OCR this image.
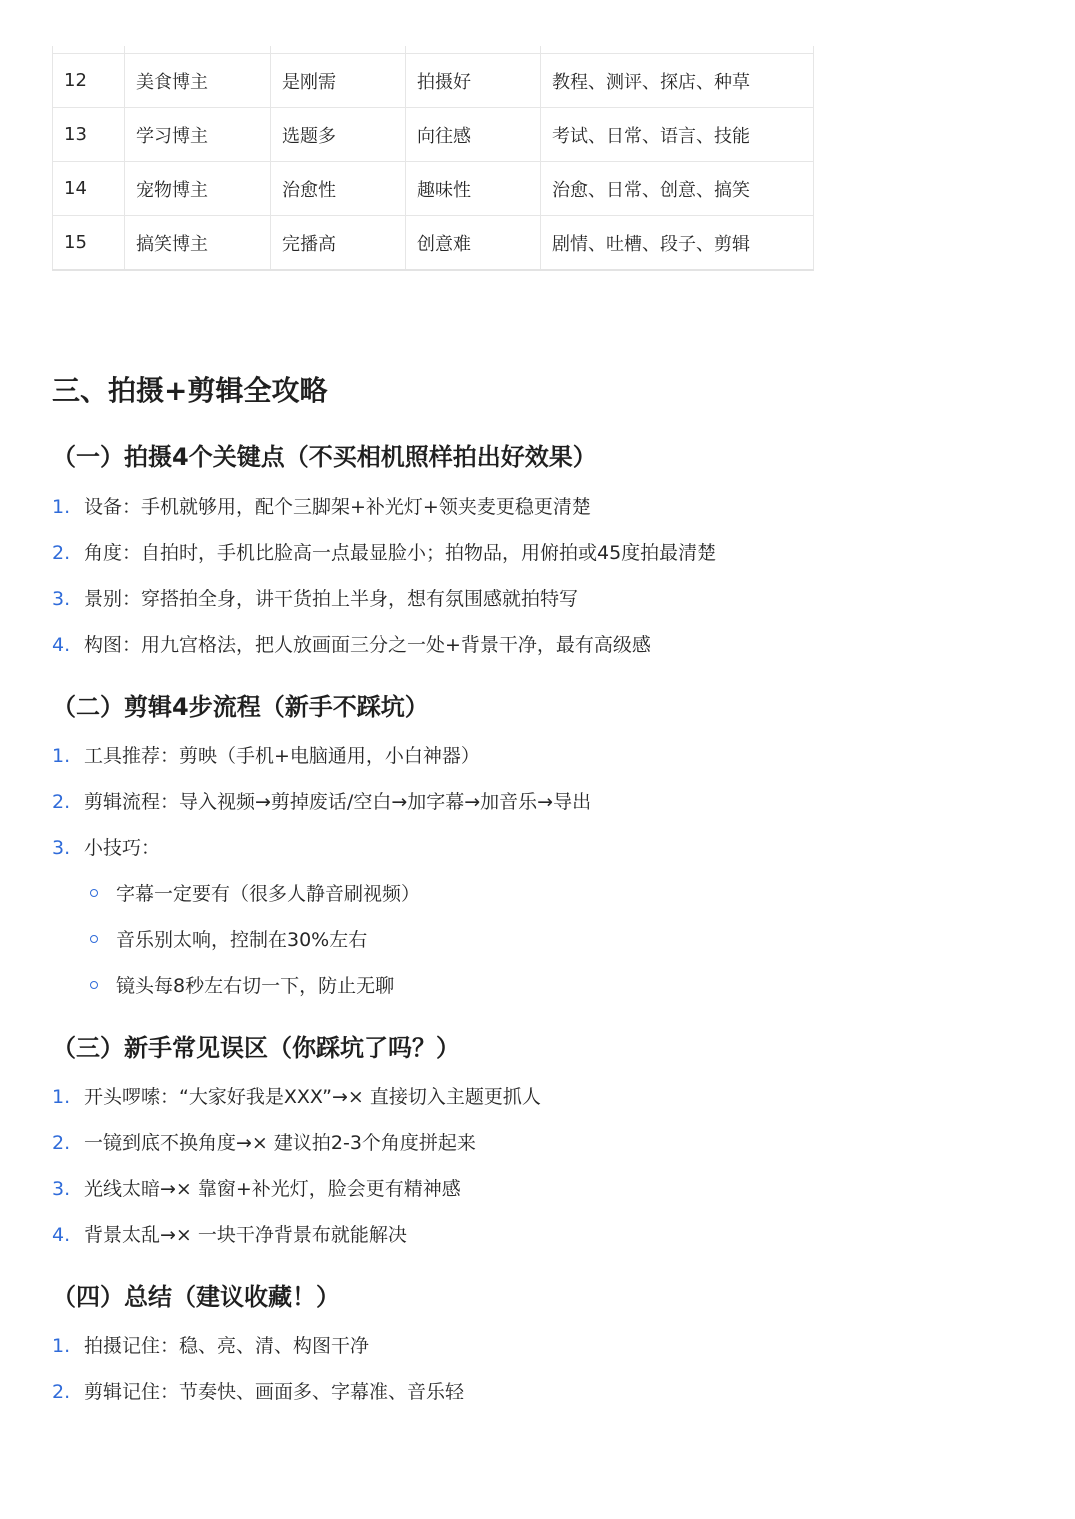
12	美食博主	是刚需	拍摄好	教程、测评、探店、种草
13	学习博主	选题多	向往感	考试、日常、语言、技能
14	宠物博主	治愈性	趣味性	治愈、日常、创意、搞笑
15	搞笑博主	完播高	创意难	剧情、吐槽、段子、剪辑
三、拍摄+剪辑全攻略
（一）拍摄4个关键点（不买相机照样拍出好效果）
1. 设备：手机就够用，配个三脚架+补光灯+领夹麦更稳更清楚
2. 角度：自拍时，手机比脸高一点最显脸小；拍物品，用俯拍或45度拍最清楚
3. 景别：穿搭拍全身，讲干货拍上半身，想有氛围感就拍特写
4. 构图：用九宫格法，把人放画面三分之一处+背景干净，最有高级感
（二）剪辑4步流程（新手不踩坑）
1. 工具推荐：剪映（手机+电脑通用，小白神器）
2. 剪辑流程：导入视频→剪掉废话/空白→加字幕→加音乐→导出
3. 小技巧：
字幕一定要有（很多人静音刷视频）
音乐别太响，控制在30%左右
镜头每8秒左右切一下，防止无聊
（三）新手常见误区（你踩坑了吗？）
1. 开头啰嗦：“大家好我是XXX”→× 直接切入主题更抓人
2. 一镜到底不换角度→× 建议拍2-3个角度拼起来
3. 光线太暗→× 靠窗+补光灯，脸会更有精神感
4. 背景太乱→× 一块干净背景布就能解决
（四）总结（建议收藏！）
1. 拍摄记住：稳、亮、清、构图干净
2. 剪辑记住：节奏快、画面多、字幕准、音乐轻
